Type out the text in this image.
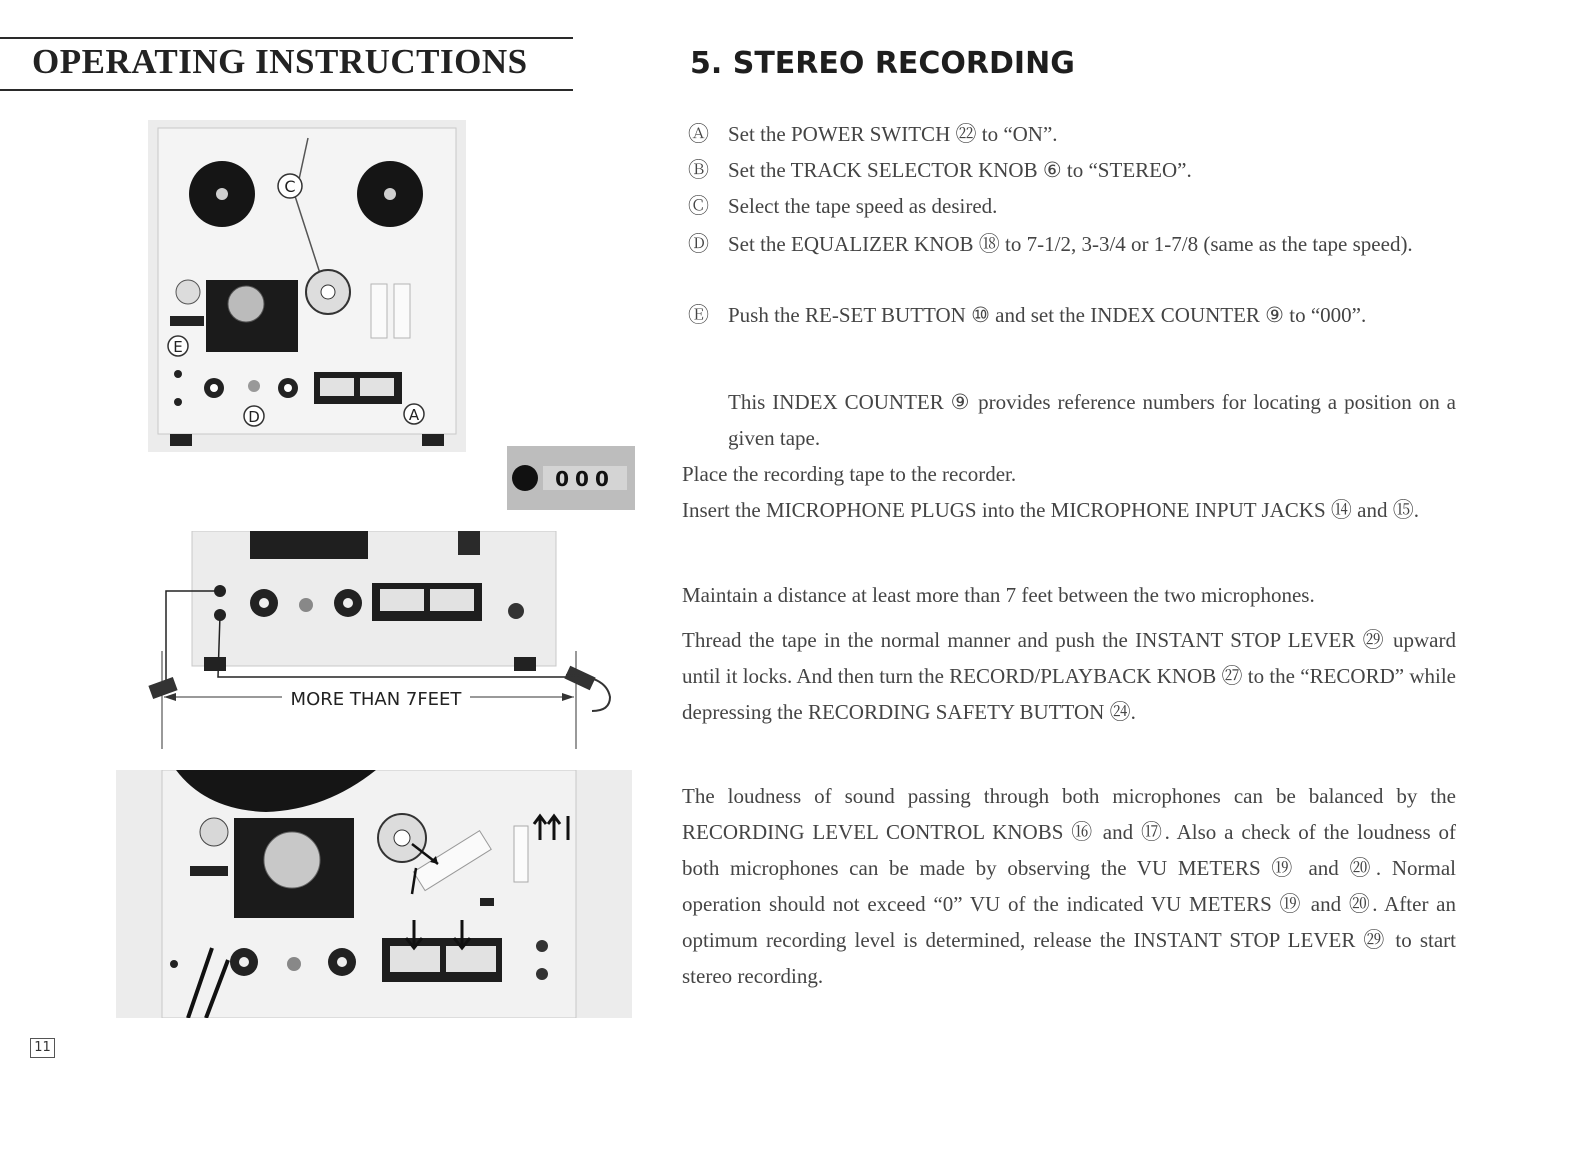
OPERATING INSTRUCTIONS	5. STEREO RECORDING
Ⓐ Set the POWER SWITCH ㉒ to “ON”.
Ⓑ Set the TRACK SELECTOR KNOB ⑥ to “STEREO”.
Ⓒ Select the tape speed as desired.
Ⓓ Set the EQUALIZER KNOB ⑱ to 7-1/2, 3-3/4 or 1-7/8 (same as the tape speed).
Ⓔ Push the RE-SET BUTTON ⑩ and set the INDEX COUNTER ⑨ to “000”.
This INDEX COUNTER ⑨ provides reference numbers for locating a position on a given tape.
Place the recording tape to the recorder.
Insert the MICROPHONE PLUGS into the MICROPHONE INPUT JACKS ⑭ and ⑮.
Maintain a distance at least more than 7 feet between the two microphones.
Thread the tape in the normal manner and push the INSTANT STOP LEVER ㉙ upward until it locks. And then turn the RECORD/PLAYBACK KNOB ㉗ to the “RECORD” while depressing the RECORDING SAFETY BUTTON ㉔.
The loudness of sound passing through both microphones can be balanced by the RECORDING LEVEL CONTROL KNOBS ⑯ and ⑰. Also a check of the loudness of both microphones can be made by observing the VU METERS ⑲ and ⑳. Normal operation should not exceed “0” VU of the indicated VU METERS ⑲ and ⑳. After an optimum recording level is determined, release the INSTANT STOP LEVER ㉙ to start stereo recording.
C
E
D	A
000
MORE THAN 7FEET
11
